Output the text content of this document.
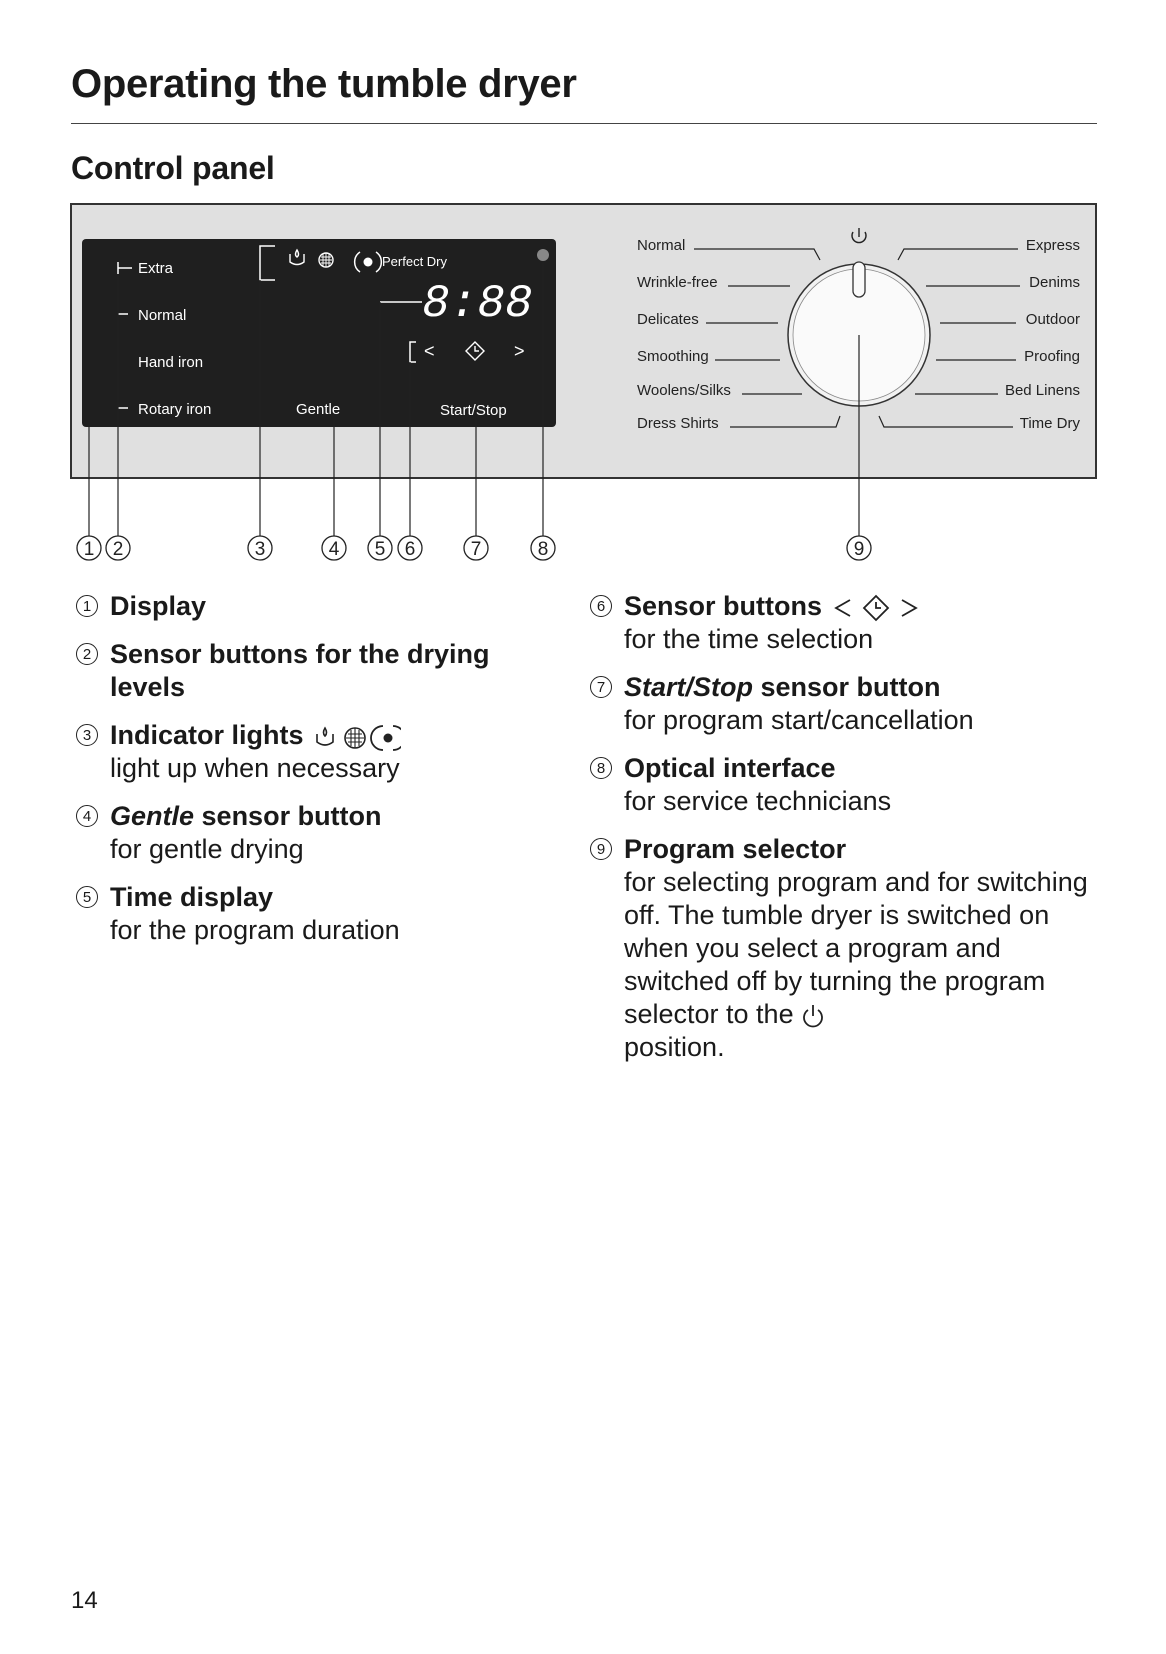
Operating the tumble dryer
Control panel
Extra
Normal
Hand iron
Rotary iron
Perfect Dry
8:88
<	>
Gentle	Start/Stop
Normal
Wrinkle-free
Delicates
Smoothing
Woolens/Silks
Dress Shirts
Express
Denims
Outdoor
Proofing
Bed Linens
Time Dry
1 2	3	4 5 6	7	8	9
1 Display
2 Sensor buttons for the drying levels
3 Indicator lights
light up when necessary
4 Gentle sensor button
for gentle drying
5 Time display
for the program duration
6 Sensor buttons
for the time selection
7 Start/Stop sensor button
for program start/cancellation
8 Optical interface
for service technicians
9 Program selector
for selecting program and for switching off. The tumble dryer is switched on when you select a program and switched off by turning the program selector to the
position.
14
